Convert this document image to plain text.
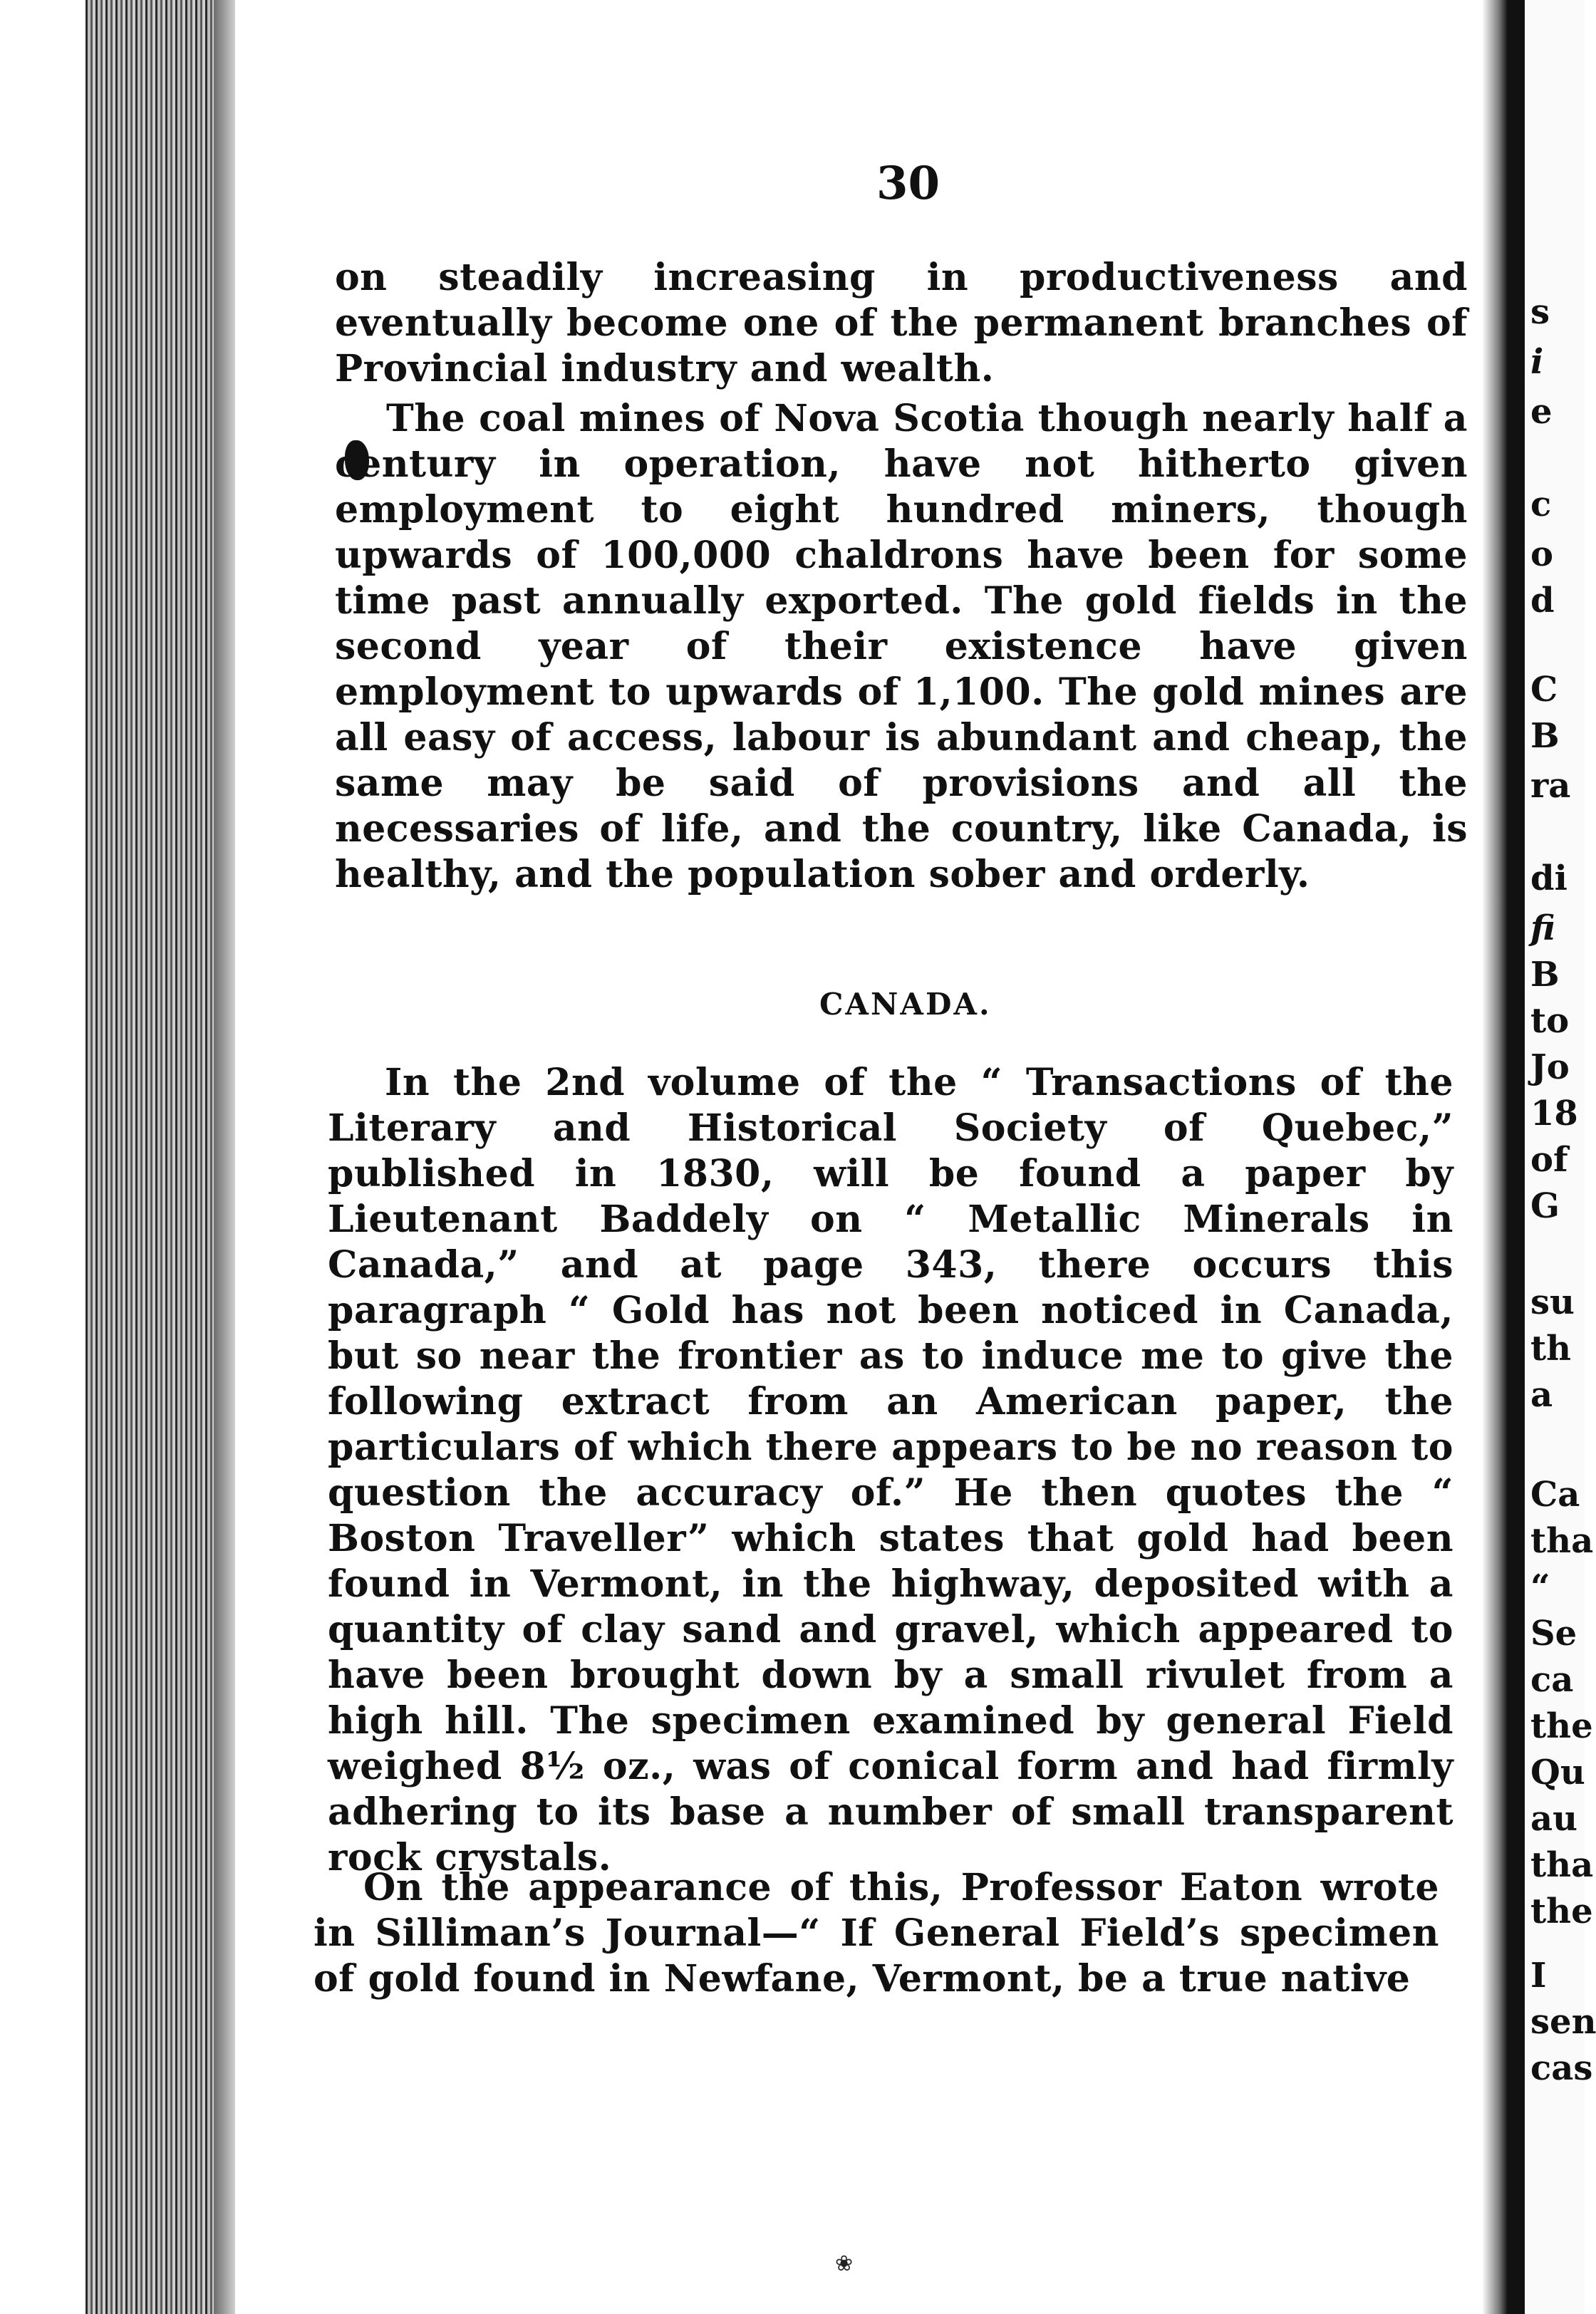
30

on steadily increasing in productiveness and eventually become one of the permanent branches of Provincial industry and wealth.

The coal mines of Nova Scotia though nearly half a century in operation, have not hitherto given employment to eight hundred miners, though upwards of 100,000 chaldrons have been for some time past annually exported. The gold fields in the second year of their existence have given employment to upwards of 1,100. The gold mines are all easy of access, labour is abundant and cheap, the same may be said of provisions and all the necessaries of life, and the country, like Canada, is healthy, and the population sober and orderly.

CANADA.

In the 2nd volume of the “ Transactions of the Literary and Historical Society of Quebec,” published in 1830, will be found a paper by Lieutenant Baddely on “ Metallic Minerals in Canada,” and at page 343, there occurs this paragraph “ Gold has not been noticed in Canada, but so near the frontier as to induce me to give the following extract from an American paper, the particulars of which there appears to be no reason to question the accuracy of.” He then quotes the “ Boston Traveller” which states that gold had been found in Vermont, in the highway, deposited with a quantity of clay sand and gravel, which appeared to have been brought down by a small rivulet from a high hill. The specimen examined by general Field weighed 8½ oz., was of conical form and had firmly adhering to its base a number of small transparent rock crystals.

On the appearance of this, Professor Eaton wrote in Silliman’s Journal—“ If General Field’s specimen of gold found in Newfane, Vermont, be a true native

❀
s
i
e
c
o
d
C
B
ra
di
fi
B
to
Jo
18
of
G
su
th
a
Ca
tha
“
Se
ca
the
Qu
au
tha
the
I
sen
cas
